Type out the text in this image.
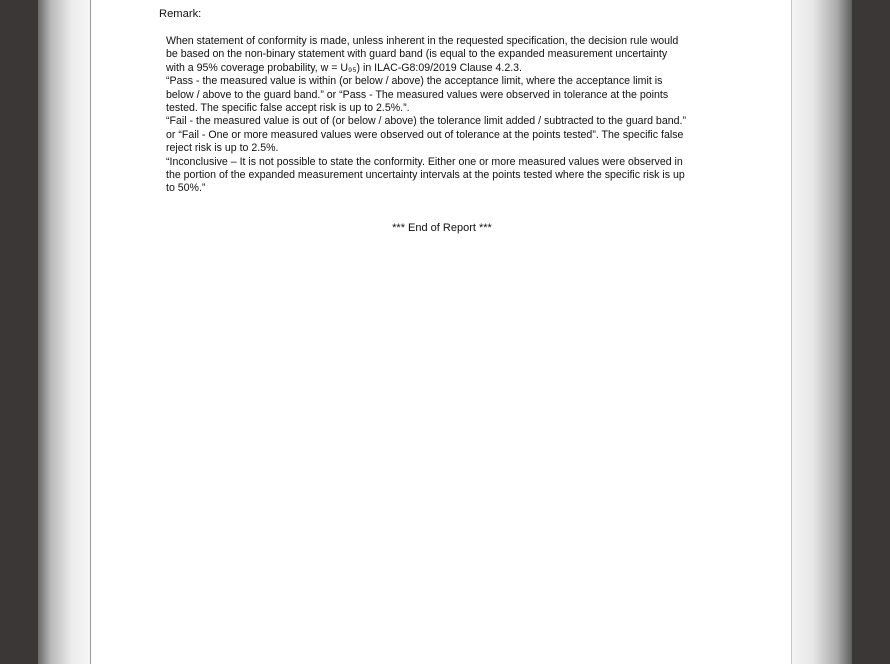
Remark:

When statement of conformity is made, unless inherent in the requested specification, the decision rule would

be based on the non-binary statement with guard band (is equal to the expanded measurement uncertainty

with a 95% coverage probability, w = U₉₅) in ILAC-G8:09/2019 Clause 4.2.3.

“Pass - the measured value is within (or below / above) the acceptance limit, where the acceptance limit is

below / above to the guard band.” or “Pass - The measured values were observed in tolerance at the points

tested. The specific false accept risk is up to 2.5%.”.

“Fail - the measured value is out of (or below / above) the tolerance limit added / subtracted to the guard band.”

or “Fail - One or more measured values were observed out of tolerance at the points tested”. The specific false

reject risk is up to 2.5%.

“Inconclusive – It is not possible to state the conformity. Either one or more measured values were observed in

the portion of the expanded measurement uncertainty intervals at the points tested where the specific risk is up

to 50%.”

*** End of Report ***
